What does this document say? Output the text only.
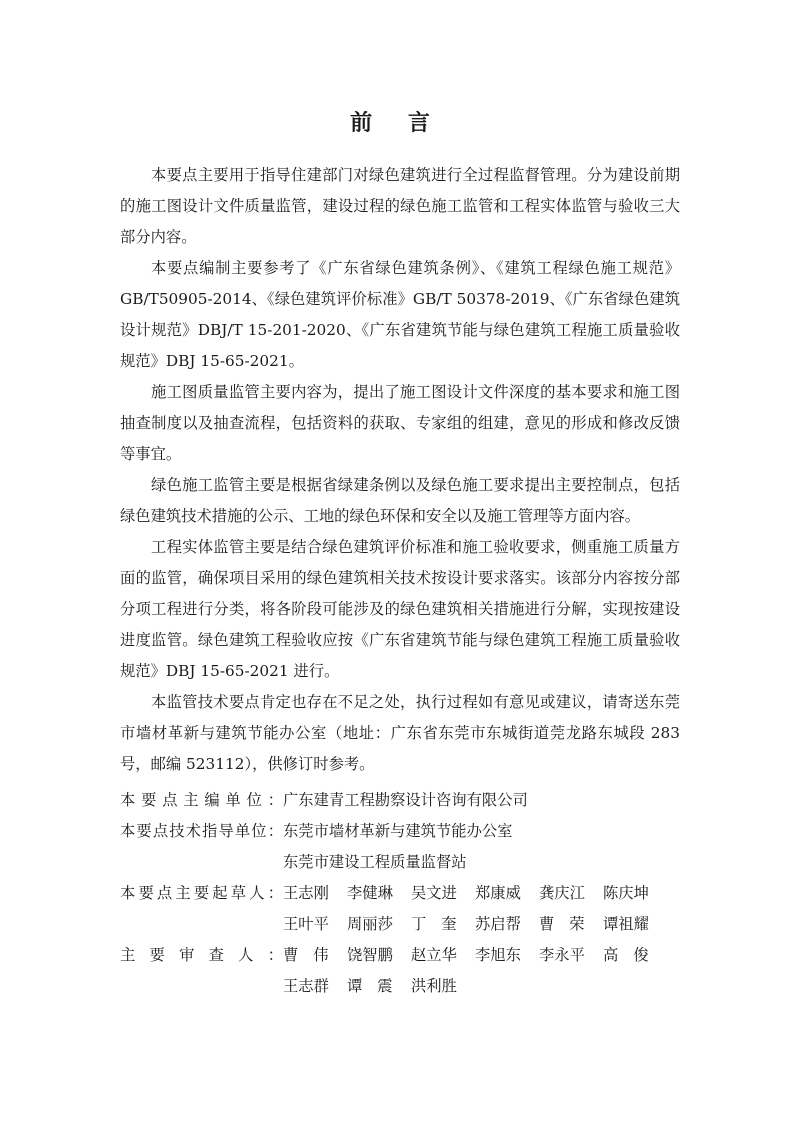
前 言

本要点主要用于指导住建部门对绿色建筑进行全过程监督管理。分为建设前期的施工图设计文件质量监管，建设过程的绿色施工监管和工程实体监管与验收三大部分内容。

本要点编制主要参考了《广东省绿色建筑条例》、《建筑工程绿色施工规范》GB/T50905-2014、《绿色建筑评价标准》GB/T 50378-2019、《广东省绿色建筑设计规范》DBJ/T 15-201-2020、《广东省建筑节能与绿色建筑工程施工质量验收规范》DBJ 15-65-2021。

施工图质量监管主要内容为，提出了施工图设计文件深度的基本要求和施工图抽查制度以及抽查流程，包括资料的获取、专家组的组建，意见的形成和修改反馈等事宜。

绿色施工监管主要是根据省绿建条例以及绿色施工要求提出主要控制点，包括绿色建筑技术措施的公示、工地的绿色环保和安全以及施工管理等方面内容。

工程实体监管主要是结合绿色建筑评价标准和施工验收要求，侧重施工质量方面的监管，确保项目采用的绿色建筑相关技术按设计要求落实。该部分内容按分部分项工程进行分类，将各阶段可能涉及的绿色建筑相关措施进行分解，实现按建设进度监管。绿色建筑工程验收应按《广东省建筑节能与绿色建筑工程施工质量验收规范》DBJ 15-65-2021 进行。

本监管技术要点肯定也存在不足之处，执行过程如有意见或建议，请寄送东莞市墙材革新与建筑节能办公室（地址：广东省东莞市东城街道莞龙路东城段 283 号，邮编 523112），供修订时参考。

本要点主编单位： 广东建青工程勘察设计咨询有限公司
本要点技术指导单位： 东莞市墙材革新与建筑节能办公室
东莞市建设工程质量监督站
本要点主要起草人： 王志刚	李健琳	吴文进	郑康威	龚庆江	陈庆坤
王叶平	周丽莎	丁奎 苏启帮	曹荣 谭祖耀
主要审查人： 曹伟 饶智鹏	赵立华	李旭东	李永平	高俊
王志群	谭震 洪利胜
